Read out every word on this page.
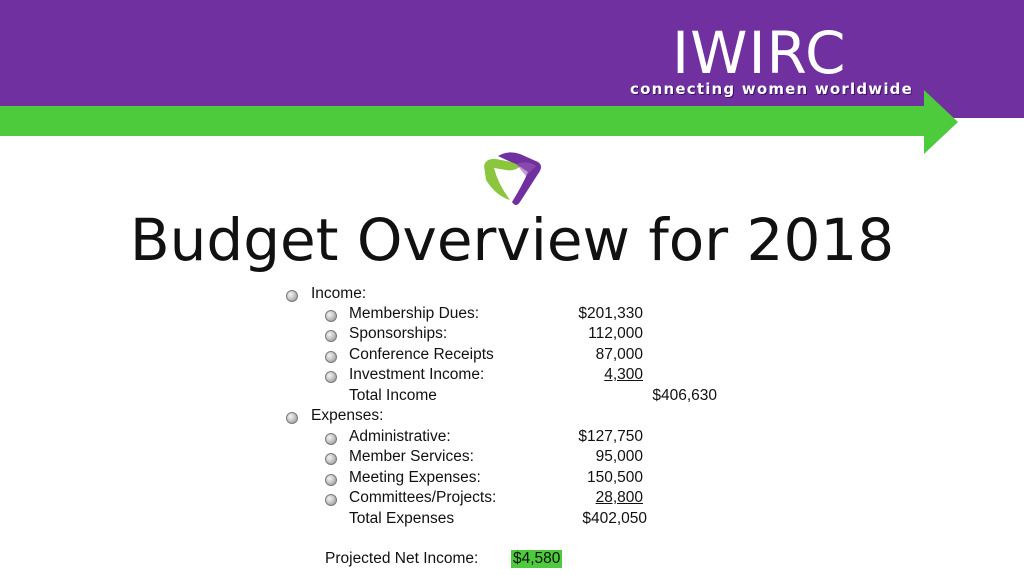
IWIRC
connecting women worldwide
Budget Overview for 2018
Income:
Membership Dues:	$201,330
Sponsorships:	112,000
Conference Receipts	87,000
Investment Income:	4,300
Total Income	$406,630
Expenses:
Administrative:	$127,750
Member Services:	95,000
Meeting Expenses:	150,500
Committees/Projects:	28,800
Total Expenses	$402,050
Projected Net Income: $4,580
